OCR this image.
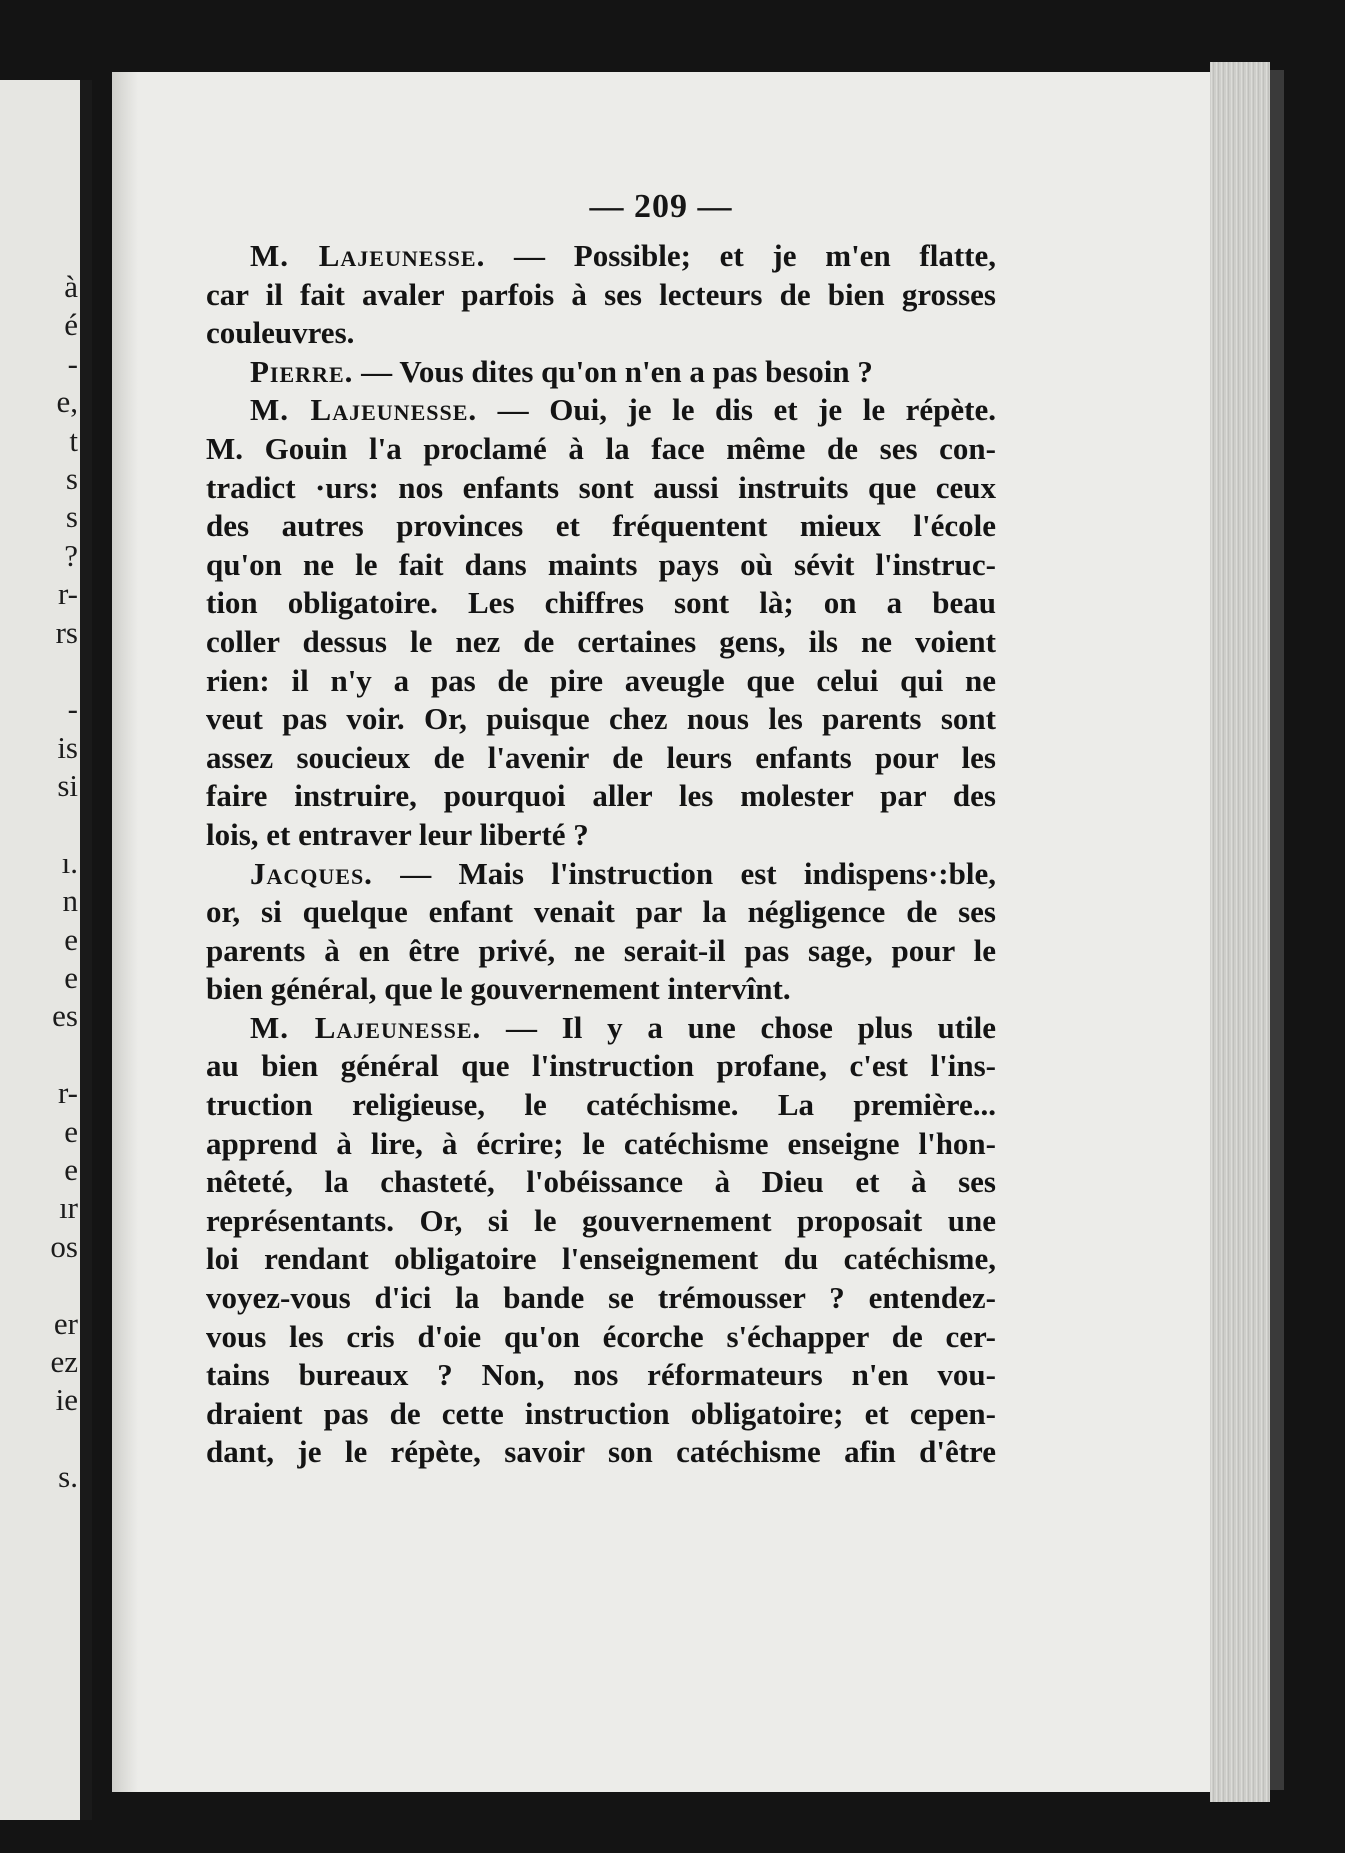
à
é
-
e,
t
s
s
?
r-
rs
-
is
si
ı.
n
e
e
es
r-
e
e
ır
os
er
ez
ie
s.
— 209 —
M. Lajeunesse. — Possible; et je m'en flatte,
car il fait avaler parfois à ses lecteurs de bien grosses
couleuvres.
Pierre. — Vous dites qu'on n'en a pas besoin ?
M. Lajeunesse. — Oui, je le dis et je le répète.
M. Gouin l'a proclamé à la face même de ses con-
tradict ·urs: nos enfants sont aussi instruits que ceux
des autres provinces et fréquentent mieux l'école
qu'on ne le fait dans maints pays où sévit l'instruc-
tion obligatoire. Les chiffres sont là; on a beau
coller dessus le nez de certaines gens, ils ne voient
rien: il n'y a pas de pire aveugle que celui qui ne
veut pas voir. Or, puisque chez nous les parents sont
assez soucieux de l'avenir de leurs enfants pour les
faire instruire, pourquoi aller les molester par des
lois, et entraver leur liberté ?
Jacques. — Mais l'instruction est indispens·:ble,
or, si quelque enfant venait par la négligence de ses
parents à en être privé, ne serait-il pas sage, pour le
bien général, que le gouvernement intervînt.
M. Lajeunesse. — Il y a une chose plus utile
au bien général que l'instruction profane, c'est l'ins-
truction religieuse, le catéchisme. La première...
apprend à lire, à écrire; le catéchisme enseigne l'hon-
nêteté, la chasteté, l'obéissance à Dieu et à ses
représentants. Or, si le gouvernement proposait une
loi rendant obligatoire l'enseignement du catéchisme,
voyez-vous d'ici la bande se trémousser ? entendez-
vous les cris d'oie qu'on écorche s'échapper de cer-
tains bureaux ? Non, nos réformateurs n'en vou-
draient pas de cette instruction obligatoire; et cepen-
dant, je le répète, savoir son catéchisme afin d'être
